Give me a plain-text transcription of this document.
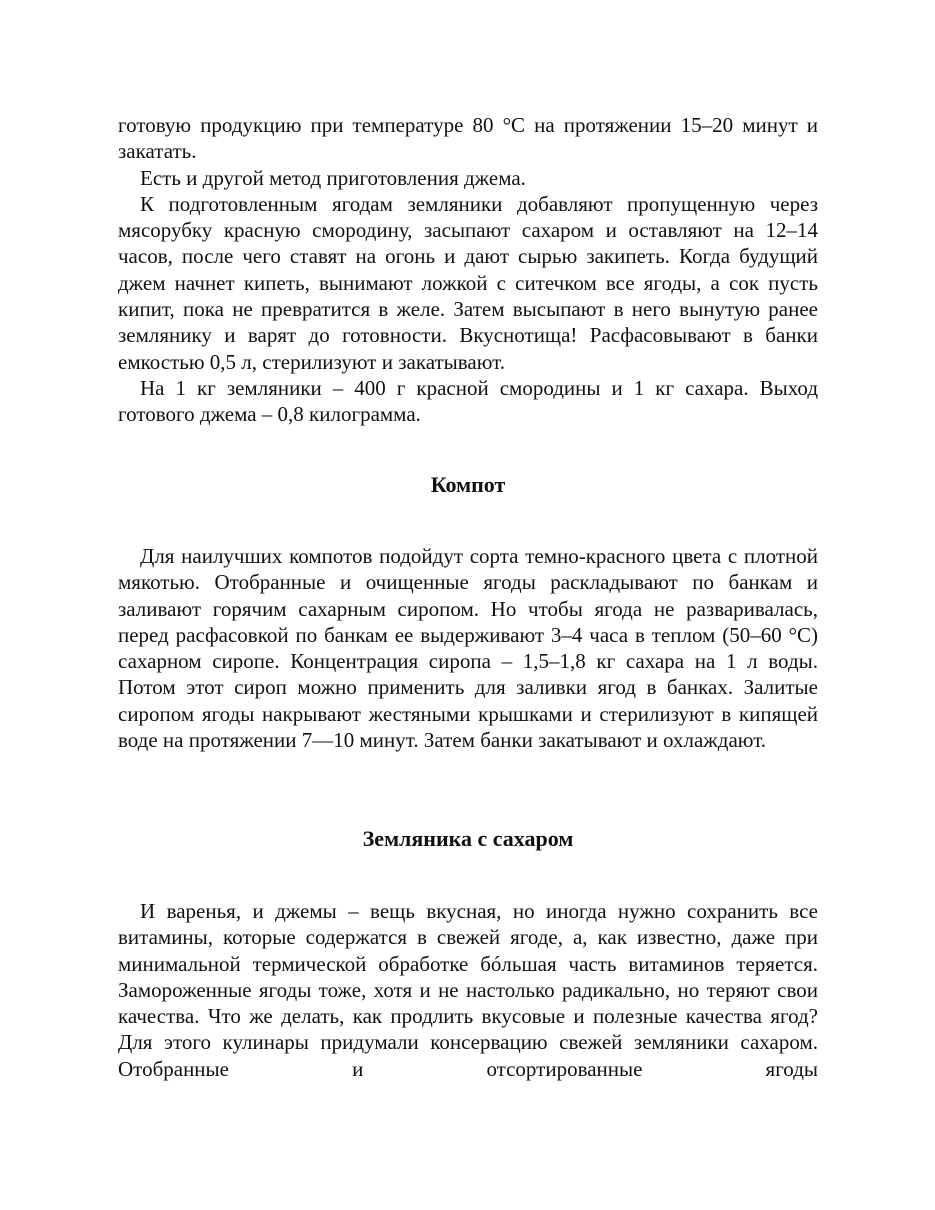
готовую продукцию при температуре 80 °С на протяжении 15–20 минут и закатать.

Есть и другой метод приготовления джема.

К подготовленным ягодам земляники добавляют пропущенную через мясорубку красную смородину, засыпают сахаром и оставляют на 12–14 часов, после чего ставят на огонь и дают сырью закипеть. Когда будущий джем начнет кипеть, вынимают ложкой с ситечком все ягоды, а сок пусть кипит, пока не превратится в желе. Затем высыпают в него вынутую ранее землянику и варят до готовности. Вкуснотища! Расфасовывают в банки емкостью 0,5 л, стерилизуют и закатывают.

На 1 кг земляники – 400 г красной смородины и 1 кг сахара. Выход готового джема – 0,8 килограмма.

Компот

Для наилучших компотов подойдут сорта темно-красного цвета с плотной мякотью. Отобранные и очищенные ягоды раскладывают по банкам и заливают горячим сахарным сиропом. Но чтобы ягода не разваривалась, перед расфасовкой по банкам ее выдерживают 3–4 часа в теплом (50–60 °С) сахарном сиропе. Концентрация сиропа – 1,5–1,8 кг сахара на 1 л воды. Потом этот сироп можно применить для заливки ягод в банках. Залитые сиропом ягоды накрывают жестяными крышками и стерилизуют в кипящей воде на протяжении 7—10 минут. Затем банки закатывают и охлаждают.

Земляника с сахаром

И варенья, и джемы – вещь вкусная, но иногда нужно сохранить все витамины, которые содержатся в свежей ягоде, а, как известно, даже при минимальной термической обработке бóльшая часть витаминов теряется. Замороженные ягоды тоже, хотя и не настолько радикально, но теряют свои качества. Что же делать, как продлить вкусовые и полезные качества ягод? Для этого кулинары придумали консервацию свежей земляники сахаром. Отобранные и отсортированные ягоды
